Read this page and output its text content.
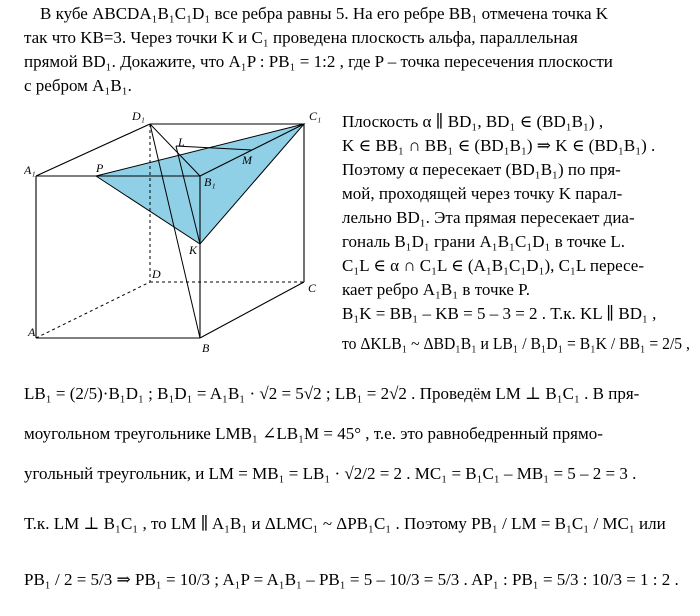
В кубе ABCDA₁B₁C₁D₁ все ребра равны 5. На его ребре BB₁ отмечена точка K
так что KB=3. Через точки K и C₁ проведена плоскость альфа, параллельная
прямой BD₁. Докажите, что A₁P : PB₁ = 1:2 , где P – точка пересечения плоскости
с ребром A₁B₁.
D₁	C₁
A₁	P
L
M
B₁
K
D
C
A
B
Плоскость α ∥ BD₁, BD₁ ∈ (BD₁B₁) ,
K ∈ BB₁ ∩ BB₁ ∈ (BD₁B₁) ⇒ K ∈ (BD₁B₁) .
Поэтому α пересекает (BD₁B₁) по пря-
мой, проходящей через точку K парал-
лельно BD₁. Эта прямая пересекает диа-
гональ B₁D₁ грани A₁B₁C₁D₁ в точке L.
C₁L ∈ α ∩ C₁L ∈ (A₁B₁C₁D₁), C₁L пересе-
кает ребро A₁B₁ в точке P.
B₁K = BB₁ – KB = 5 – 3 = 2 . Т.к. KL ∥ BD₁ ,
то ΔKLB₁ ~ ΔBD₁B₁ и LB₁ / B₁D₁ = B₁K / BB₁ = 2/5 ,
LB₁ = (2/5)·B₁D₁ ; B₁D₁ = A₁B₁ · √2 = 5√2 ; LB₁ = 2√2 . Проведём LM ⊥ B₁C₁ . В пря-
моугольном треугольнике LMB₁ ∠LB₁M = 45° , т.е. это равнобедренный прямо-
угольный треугольник, и LM = MB₁ = LB₁ · √2/2 = 2 . MC₁ = B₁C₁ – MB₁ = 5 – 2 = 3 .
Т.к. LM ⊥ B₁C₁ , то LM ∥ A₁B₁ и ΔLMC₁ ~ ΔPB₁C₁ . Поэтому PB₁ / LM = B₁C₁ / MC₁ или
PB₁ / 2 = 5/3 ⇒ PB₁ = 10/3 ; A₁P = A₁B₁ – PB₁ = 5 – 10/3 = 5/3 . AP₁ : PB₁ = 5/3 : 10/3 = 1 : 2 .
